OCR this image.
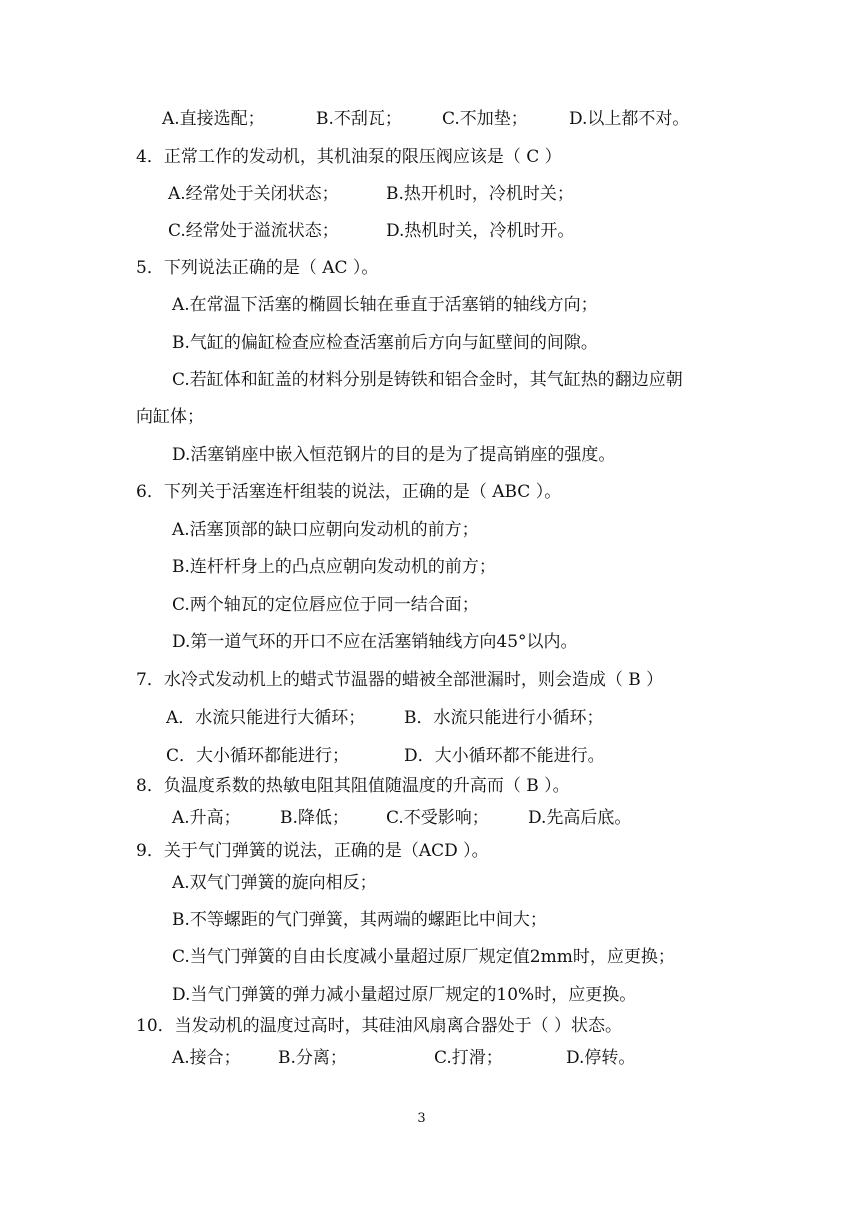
A.直接选配；	B.不刮瓦； C.不加垫； D.以上都不对。
4．正常工作的发动机，其机油泵的限压阀应该是（ C ）
A.经常处于关闭状态；	B.热开机时，冷机时关；
C.经常处于溢流状态；	D.热机时关，冷机时开。
5．下列说法正确的是（ AC ）。
A.在常温下活塞的椭圆长轴在垂直于活塞销的轴线方向；
B.气缸的偏缸检查应检查活塞前后方向与缸壁间的间隙。
C.若缸体和缸盖的材料分别是铸铁和铝合金时，其气缸热的翻边应朝
向缸体；
D.活塞销座中嵌入恒范钢片的目的是为了提高销座的强度。
6．下列关于活塞连杆组装的说法，正确的是（ ABC ）。
A.活塞顶部的缺口应朝向发动机的前方；
B.连杆杆身上的凸点应朝向发动机的前方；
C.两个轴瓦的定位唇应位于同一结合面；
D.第一道气环的开口不应在活塞销轴线方向45°以内。
7．水冷式发动机上的蜡式节温器的蜡被全部泄漏时，则会造成（ B ）
A．水流只能进行大循环； B．水流只能进行小循环；
C．大小循环都能进行；	D．大小循环都不能进行。
8．负温度系数的热敏电阻其阻值随温度的升高而（ B ）。
A.升高； B.降低； C.不受影响； D.先高后底。
9．关于气门弹簧的说法，正确的是（ACD ）。
A.双气门弹簧的旋向相反；
B.不等螺距的气门弹簧，其两端的螺距比中间大；
C.当气门弹簧的自由长度减小量超过原厂规定值2mm时，应更换；
D.当气门弹簧的弹力减小量超过原厂规定的10%时，应更换。
10．当发动机的温度过高时，其硅油风扇离合器处于（ ）状态。
A.接合； B.分离；	C.打滑；	D.停转。
3
